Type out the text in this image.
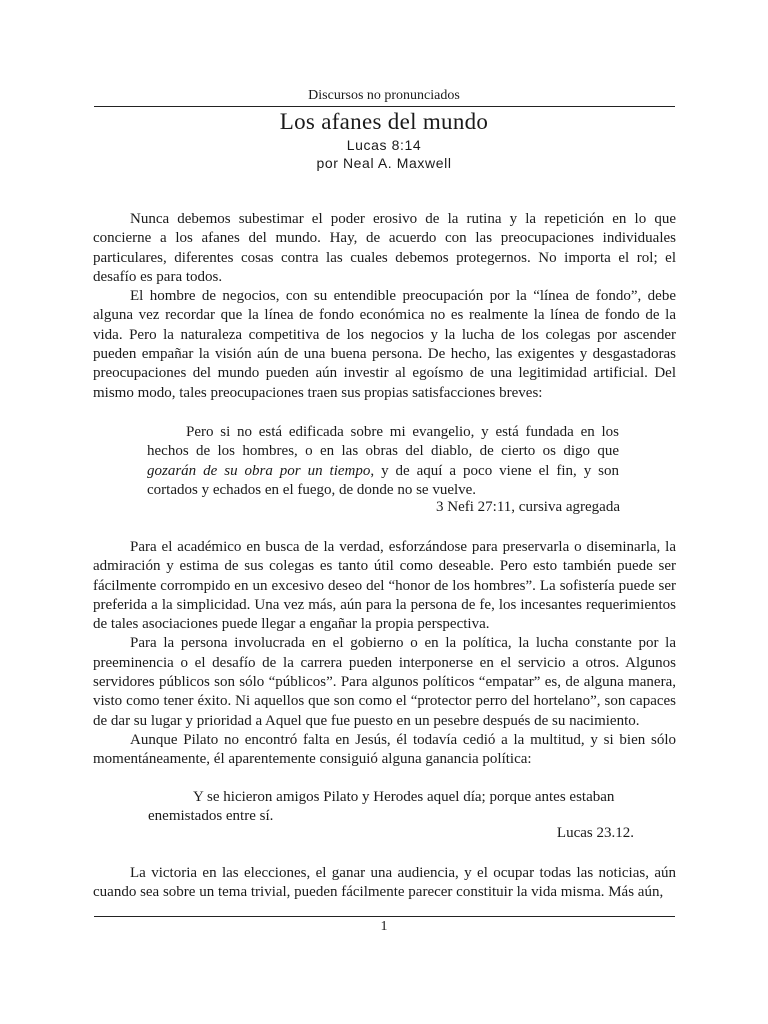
Discursos no pronunciados
Los afanes del mundo
Lucas 8:14
por Neal A. Maxwell

Nunca debemos subestimar el poder erosivo de la rutina y la repetición en lo que concierne a los afanes del mundo. Hay, de acuerdo con las preocupaciones individuales particulares, diferentes cosas contra las cuales debemos protegernos. No importa el rol; el desafío es para todos.

El hombre de negocios, con su entendible preocupación por la “línea de fondo”, debe alguna vez recordar que la línea de fondo económica no es realmente la línea de fondo de la vida. Pero la naturaleza competitiva de los negocios y la lucha de los colegas por ascender pueden empañar la visión aún de una buena persona. De hecho, las exigentes y desgastadoras preocupaciones del mundo pueden aún investir al egoísmo de una legitimidad artificial. Del mismo modo, tales preocupaciones traen sus propias satisfacciones breves:

Pero si no está edificada sobre mi evangelio, y está fundada en los hechos de los hombres, o en las obras del diablo, de cierto os digo que gozarán de su obra por un tiempo, y de aquí a poco viene el fin, y son cortados y echados en el fuego, de donde no se vuelve.

3 Nefi 27:11, cursiva agregada

Para el académico en busca de la verdad, esforzándose para preservarla o diseminarla, la admiración y estima de sus colegas es tanto útil como deseable. Pero esto también puede ser fácilmente corrompido en un excesivo deseo del “honor de los hombres”. La sofistería puede ser preferida a la simplicidad. Una vez más, aún para la persona de fe, los incesantes requerimientos de tales asociaciones puede llegar a engañar la propia perspectiva.

Para la persona involucrada en el gobierno o en la política, la lucha constante por la preeminencia o el desafío de la carrera pueden interponerse en el servicio a otros. Algunos servidores públicos son sólo “públicos”. Para algunos políticos “empatar” es, de alguna manera, visto como tener éxito. Ni aquellos que son como el “protector perro del hortelano”, son capaces de dar su lugar y prioridad a Aquel que fue puesto en un pesebre después de su nacimiento.

Aunque Pilato no encontró falta en Jesús, él todavía cedió a la multitud, y si bien sólo momentáneamente, él aparentemente consiguió alguna ganancia política:

Y se hicieron amigos Pilato y Herodes aquel día; porque antes estaban enemistados entre sí.

Lucas 23.12.

La victoria en las elecciones, el ganar una audiencia, y el ocupar todas las noticias, aún cuando sea sobre un tema trivial, pueden fácilmente parecer constituir la vida misma. Más aún,

1
